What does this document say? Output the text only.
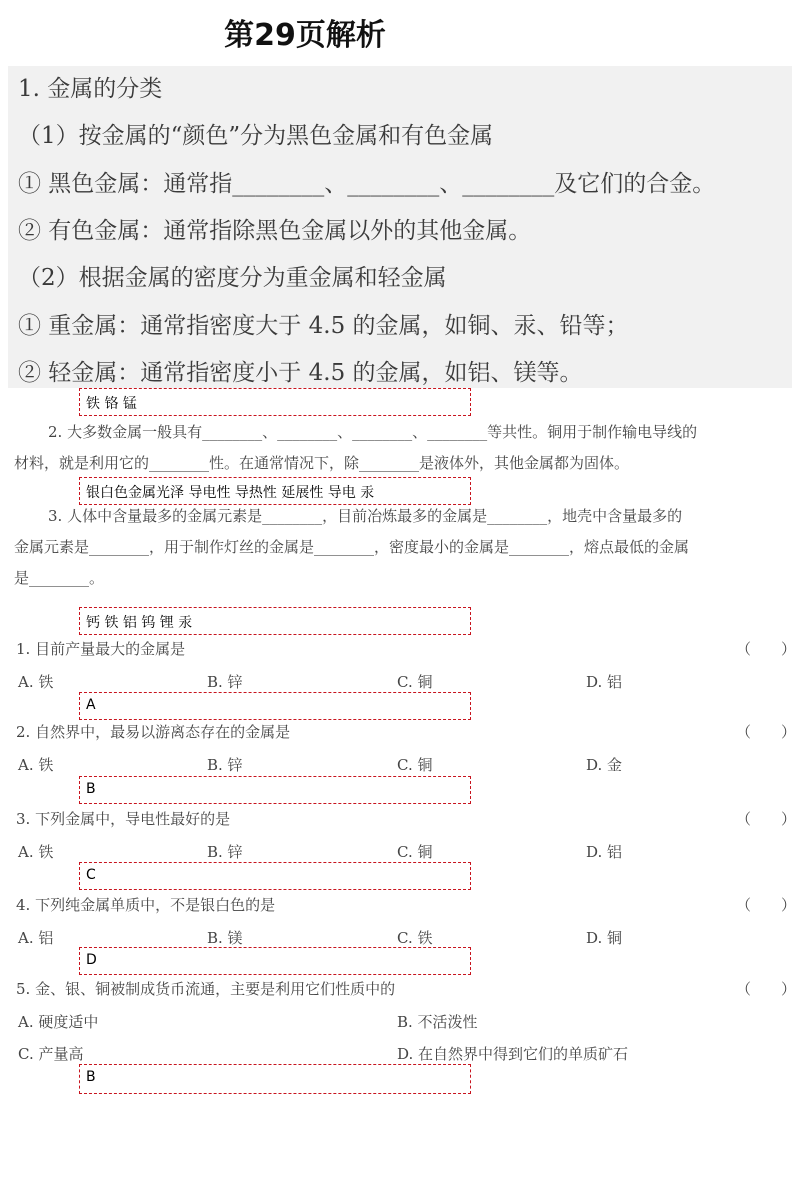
第29页解析
1. 金属的分类
（1）按金属的“颜色”分为黑色金属和有色金属
① 黑色金属：通常指________、________、________及它们的合金。
② 有色金属：通常指除黑色金属以外的其他金属。
（2）根据金属的密度分为重金属和轻金属
① 重金属：通常指密度大于 4.5 的金属，如铜、汞、铅等；
② 轻金属：通常指密度小于 4.5 的金属，如铝、镁等。
铁 铬 锰
2. 大多数金属一般具有________、________、________、________等共性。铜用于制作输电导线的
材料，就是利用它的________性。在通常情况下，除________是液体外，其他金属都为固体。
银白色金属光泽 导电性 导热性 延展性 导电 汞
3. 人体中含量最多的金属元素是________，目前冶炼最多的金属是________，地壳中含量最多的
金属元素是________，用于制作灯丝的金属是________，密度最小的金属是________，熔点最低的金属
是________。
钙 铁 铝 钨 锂 汞
1. 目前产量最大的金属是	（　　）
A. 铁	B. 锌	C. 铜	D. 铝
A
2. 自然界中，最易以游离态存在的金属是	（　　）
A. 铁	B. 锌	C. 铜	D. 金
B
3. 下列金属中，导电性最好的是	（　　）
A. 铁	B. 锌	C. 铜	D. 铝
C
4. 下列纯金属单质中，不是银白色的是	（　　）
A. 铝	B. 镁	C. 铁	D. 铜
D
5. 金、银、铜被制成货币流通，主要是利用它们性质中的	（　　）
A. 硬度适中	B. 不活泼性
C. 产量高	D. 在自然界中得到它们的单质矿石
B
